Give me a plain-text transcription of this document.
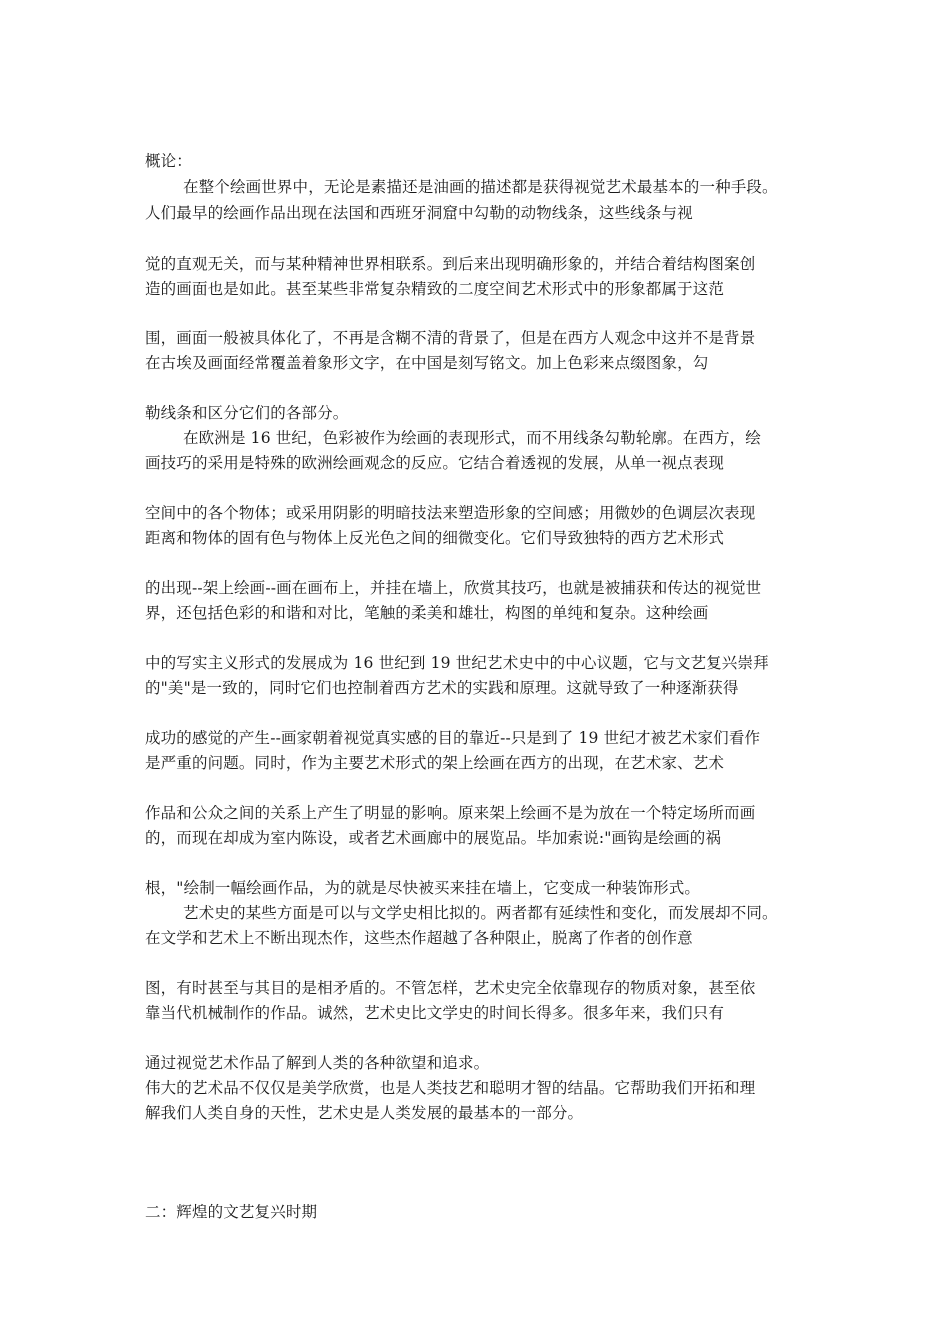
概论：

在整个绘画世界中，无论是素描还是油画的描述都是获得视觉艺术最基本的一种手段。

人们最早的绘画作品出现在法国和西班牙洞窟中勾勒的动物线条，这些线条与视

觉的直观无关，而与某种精神世界相联系。到后来出现明确形象的，并结合着结构图案创

造的画面也是如此。甚至某些非常复杂精致的二度空间艺术形式中的形象都属于这范

围，画面一般被具体化了，不再是含糊不清的背景了，但是在西方人观念中这并不是背景

在古埃及画面经常覆盖着象形文字，在中国是刻写铭文。加上色彩来点缀图象，勾

勒线条和区分它们的各部分。

在欧洲是 16 世纪，色彩被作为绘画的表现形式，而不用线条勾勒轮廓。在西方，绘

画技巧的采用是特殊的欧洲绘画观念的反应。它结合着透视的发展，从单一视点表现

空间中的各个物体；或采用阴影的明暗技法来塑造形象的空间感；用微妙的色调层次表现

距离和物体的固有色与物体上反光色之间的细微变化。它们导致独特的西方艺术形式

的出现--架上绘画--画在画布上，并挂在墙上，欣赏其技巧，也就是被捕获和传达的视觉世

界，还包括色彩的和谐和对比，笔触的柔美和雄壮，构图的单纯和复杂。这种绘画

中的写实主义形式的发展成为 16 世纪到 19 世纪艺术史中的中心议题，它与文艺复兴崇拜

的"美"是一致的，同时它们也控制着西方艺术的实践和原理。这就导致了一种逐渐获得

成功的感觉的产生--画家朝着视觉真实感的目的靠近--只是到了 19 世纪才被艺术家们看作

是严重的问题。同时，作为主要艺术形式的架上绘画在西方的出现，在艺术家、艺术

作品和公众之间的关系上产生了明显的影响。原来架上绘画不是为放在一个特定场所而画

的，而现在却成为室内陈设，或者艺术画廊中的展览品。毕加索说:"画钩是绘画的祸

根，"绘制一幅绘画作品，为的就是尽快被买来挂在墙上，它变成一种装饰形式。

艺术史的某些方面是可以与文学史相比拟的。两者都有延续性和变化，而发展却不同。

在文学和艺术上不断出现杰作，这些杰作超越了各种限止，脱离了作者的创作意

图，有时甚至与其目的是相矛盾的。不管怎样，艺术史完全依靠现存的物质对象，甚至依

靠当代机械制作的作品。诚然，艺术史比文学史的时间长得多。很多年来，我们只有

通过视觉艺术作品了解到人类的各种欲望和追求。

伟大的艺术品不仅仅是美学欣赏，也是人类技艺和聪明才智的结晶。它帮助我们开拓和理

解我们人类自身的天性，艺术史是人类发展的最基本的一部分。

二：辉煌的文艺复兴时期
